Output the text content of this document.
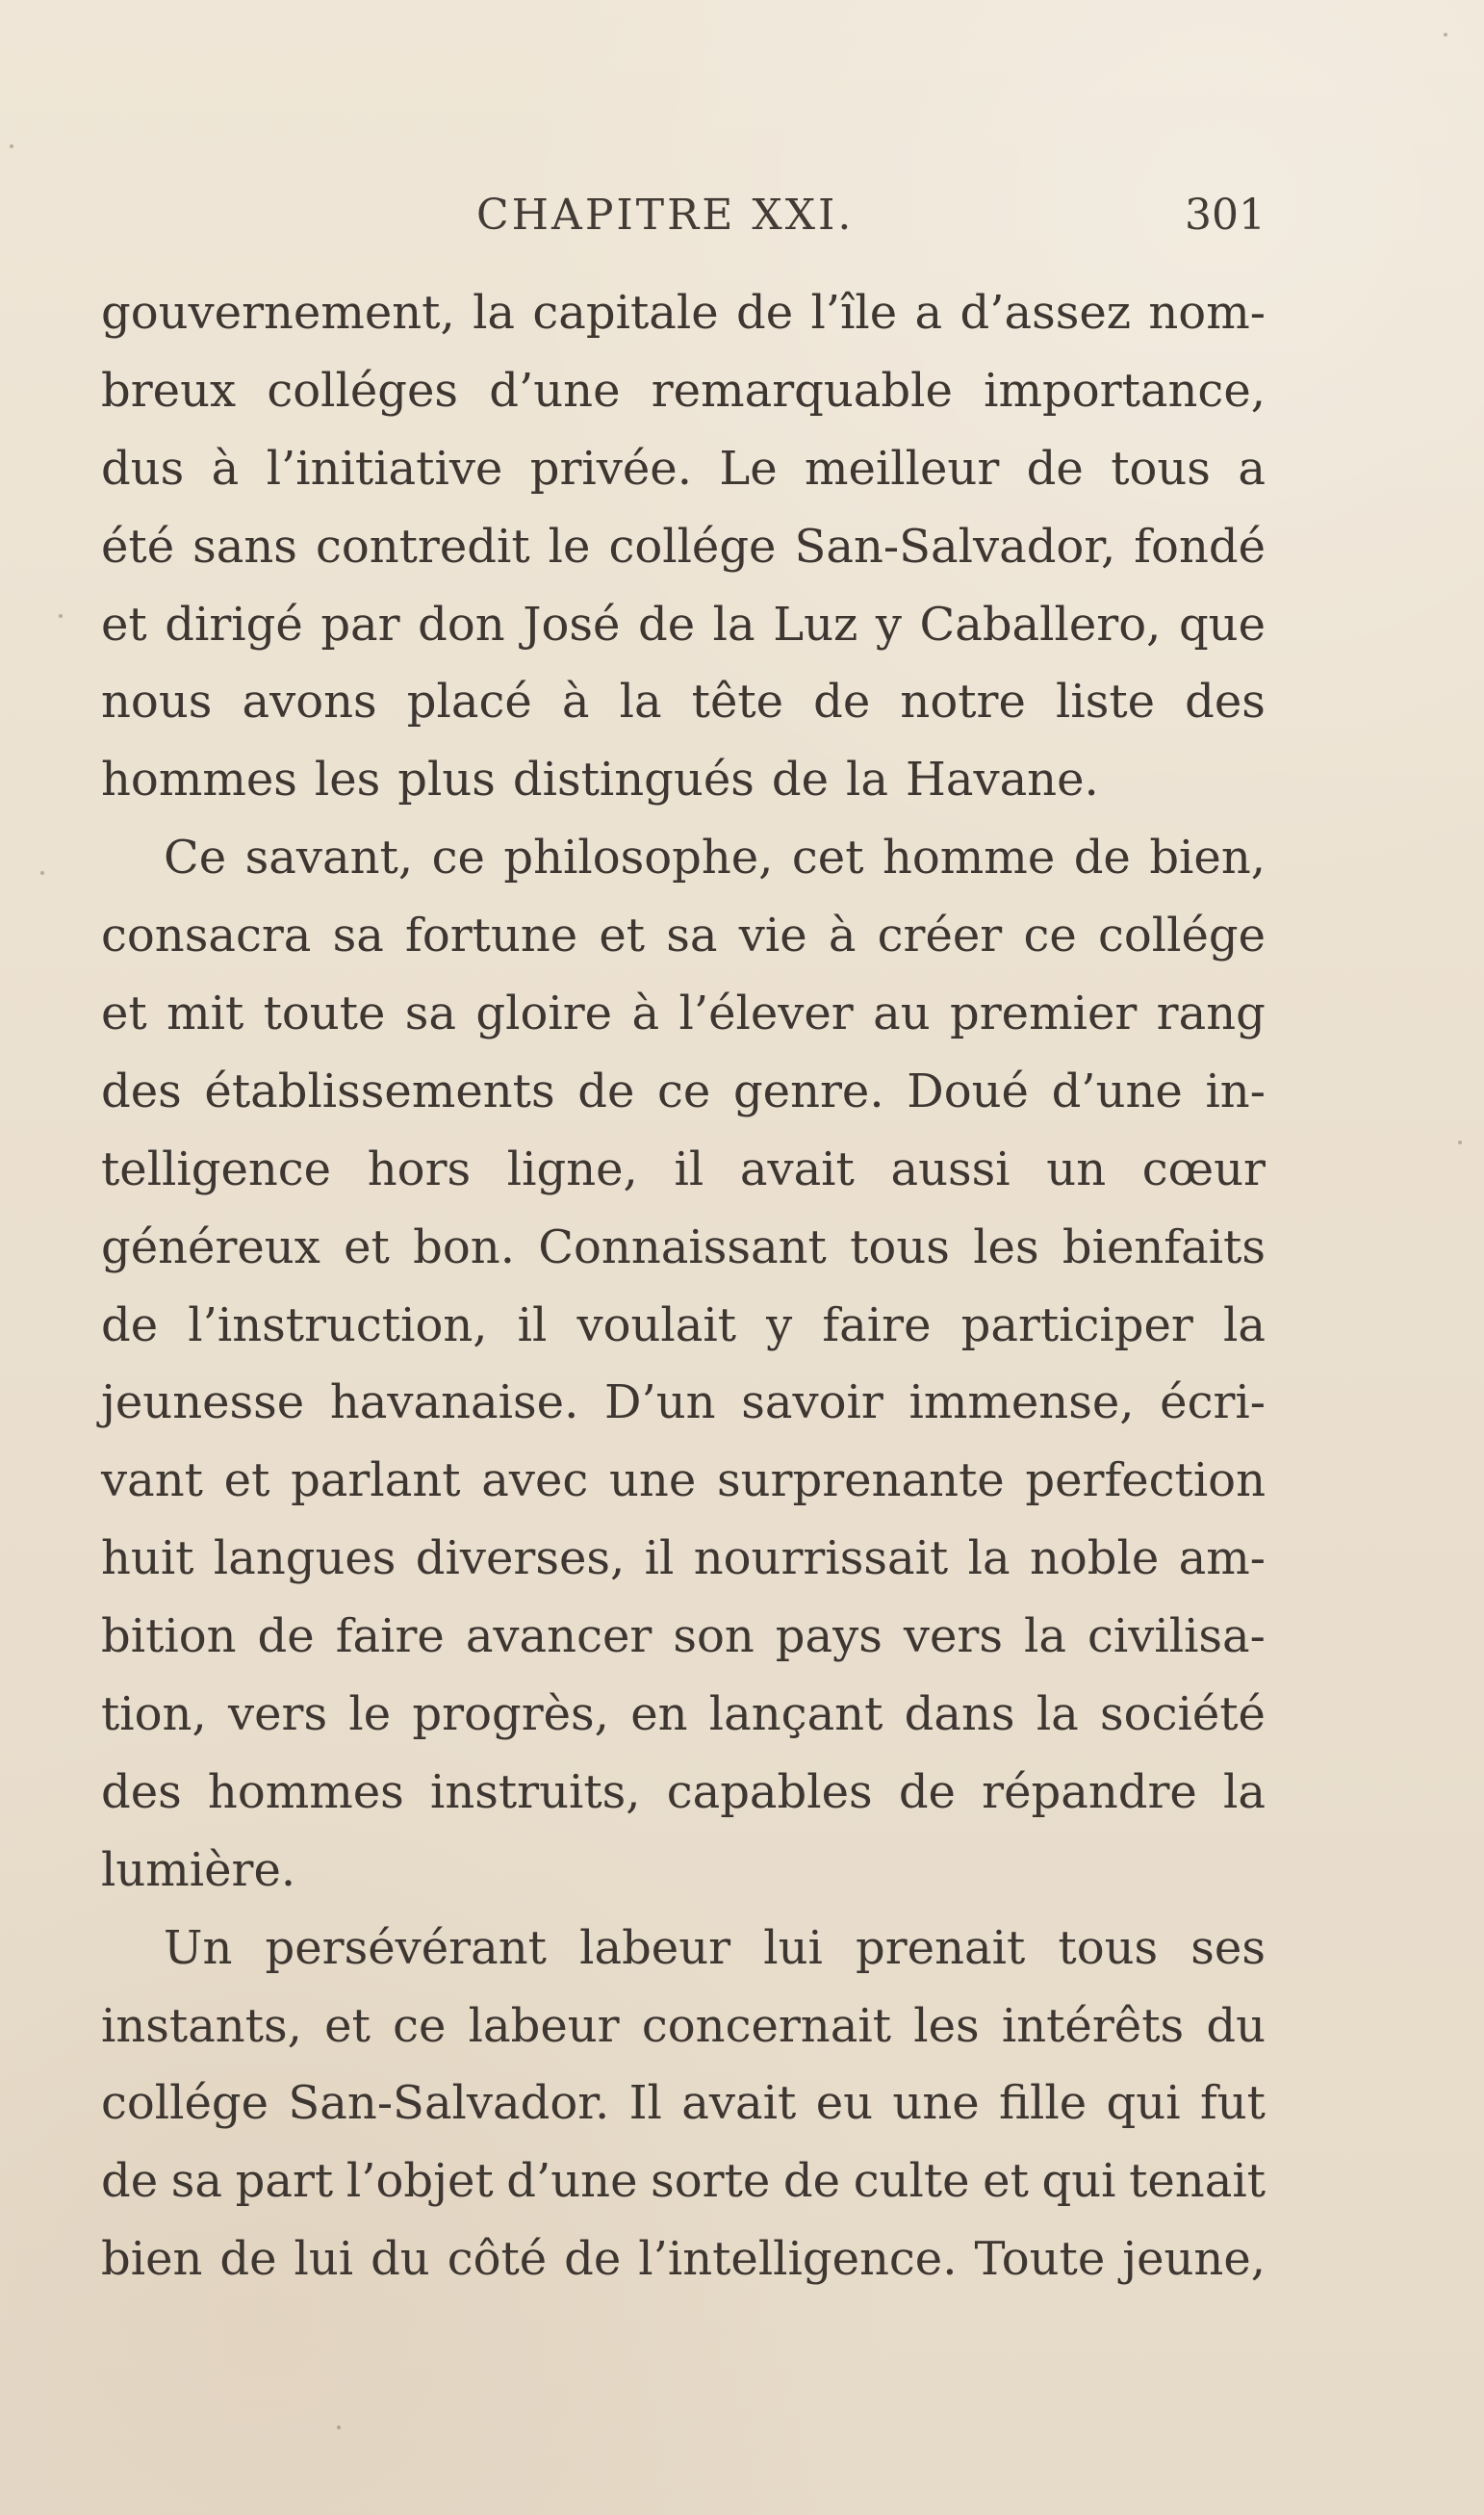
CHAPITRE XXI.	301
gouvernement, la capitale de l’île a d’assez nom-
breux colléges d’une remarquable importance,
dus à l’initiative privée. Le meilleur de tous a
été sans contredit le collége San-Salvador, fondé
et dirigé par don José de la Luz y Caballero, que
nous avons placé à la tête de notre liste des
hommes les plus distingués de la Havane.
Ce savant, ce philosophe, cet homme de bien,
consacra sa fortune et sa vie à créer ce collége
et mit toute sa gloire à l’élever au premier rang
des établissements de ce genre. Doué d’une in-
telligence hors ligne, il avait aussi un cœur
généreux et bon. Connaissant tous les bienfaits
de l’instruction, il voulait y faire participer la
jeunesse havanaise. D’un savoir immense, écri-
vant et parlant avec une surprenante perfection
huit langues diverses, il nourrissait la noble am-
bition de faire avancer son pays vers la civilisa-
tion, vers le progrès, en lançant dans la société
des hommes instruits, capables de répandre la
lumière.
Un persévérant labeur lui prenait tous ses
instants, et ce labeur concernait les intérêts du
collége San-Salvador. Il avait eu une fille qui fut
de sa part l’objet d’une sorte de culte et qui tenait
bien de lui du côté de l’intelligence. Toute jeune,
